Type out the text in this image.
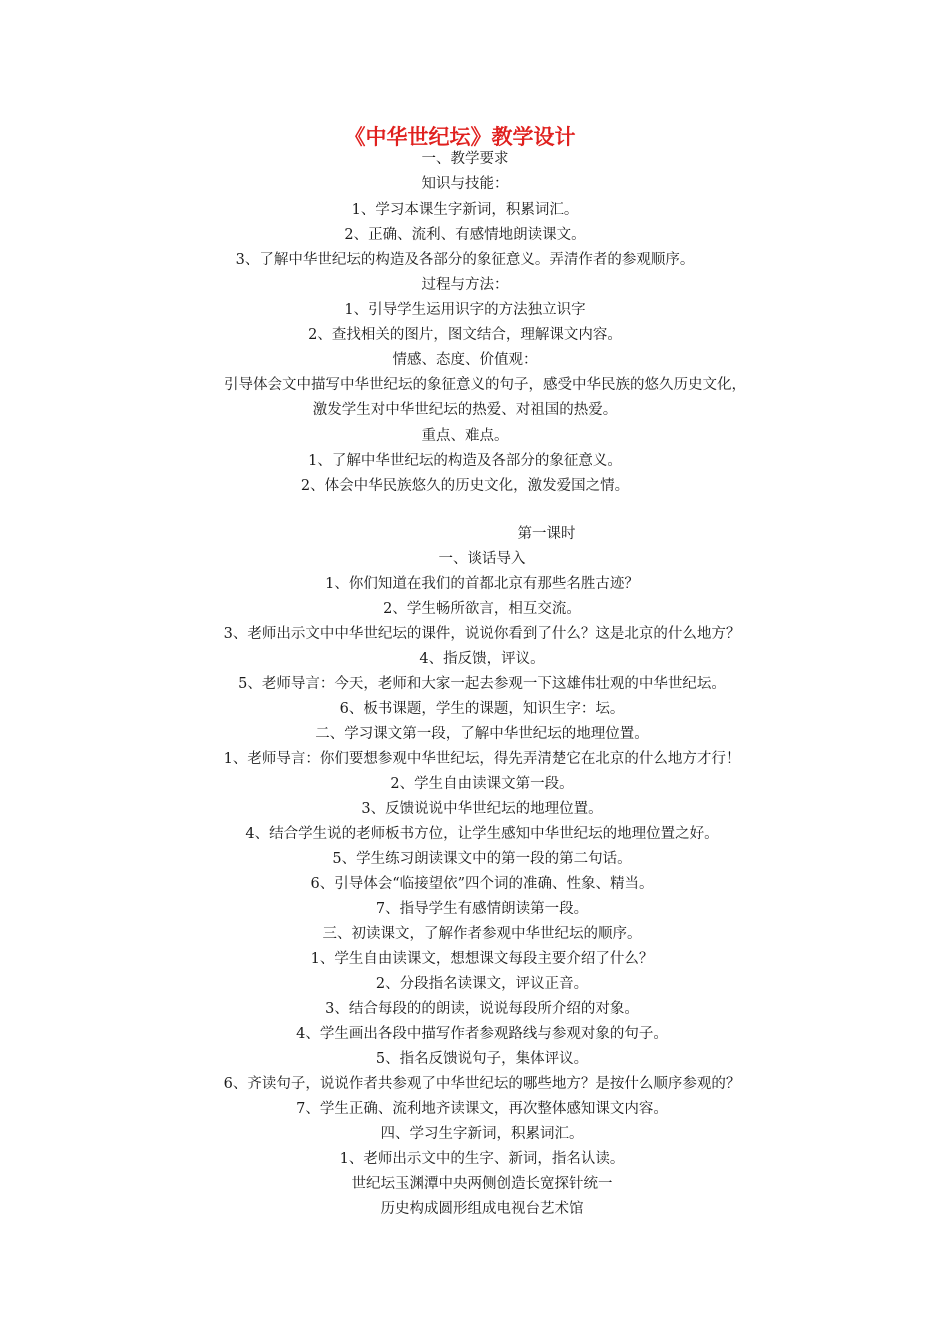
《中华世纪坛》教学设计
一、教学要求
知识与技能：
1、学习本课生字新词，积累词汇。
2、正确、流利、有感情地朗读课文。
3、了解中华世纪坛的构造及各部分的象征意义。弄清作者的参观顺序。
过程与方法：
1、引导学生运用识字的方法独立识字
2、查找相关的图片，图文结合，理解课文内容。
情感、态度、价值观：
引导体会文中描写中华世纪坛的象征意义的句子，感受中华民族的悠久历史文化，
激发学生对中华世纪坛的热爱、对祖国的热爱。
重点、难点。
1、了解中华世纪坛的构造及各部分的象征意义。
2、体会中华民族悠久的历史文化，激发爱国之情。
第一课时
一、谈话导入
1、你们知道在我们的首都北京有那些名胜古迹？
2、学生畅所欲言，相互交流。
3、老师出示文中中华世纪坛的课件，说说你看到了什么？这是北京的什么地方？
4、指反馈，评议。
5、老师导言：今天，老师和大家一起去参观一下这雄伟壮观的中华世纪坛。
6、板书课题，学生的课题，知识生字：坛。
二、学习课文第一段，了解中华世纪坛的地理位置。
1、老师导言：你们要想参观中华世纪坛，得先弄清楚它在北京的什么地方才行！
2、学生自由读课文第一段。
3、反馈说说中华世纪坛的地理位置。
4、结合学生说的老师板书方位，让学生感知中华世纪坛的地理位置之好。
5、学生练习朗读课文中的第一段的第二句话。
6、引导体会“临接望依”四个词的准确、性象、精当。
7、指导学生有感情朗读第一段。
三、初读课文，了解作者参观中华世纪坛的顺序。
1、学生自由读课文，想想课文每段主要介绍了什么？
2、分段指名读课文，评议正音。
3、结合每段的的朗读，说说每段所介绍的对象。
4、学生画出各段中描写作者参观路线与参观对象的句子。
5、指名反馈说句子，集体评议。
6、齐读句子，说说作者共参观了中华世纪坛的哪些地方？是按什么顺序参观的？
7、学生正确、流利地齐读课文，再次整体感知课文内容。
四、学习生字新词，积累词汇。
1、老师出示文中的生字、新词，指名认读。
世纪坛玉渊潭中央两侧创造长宽探针统一
历史构成圆形组成电视台艺术馆
